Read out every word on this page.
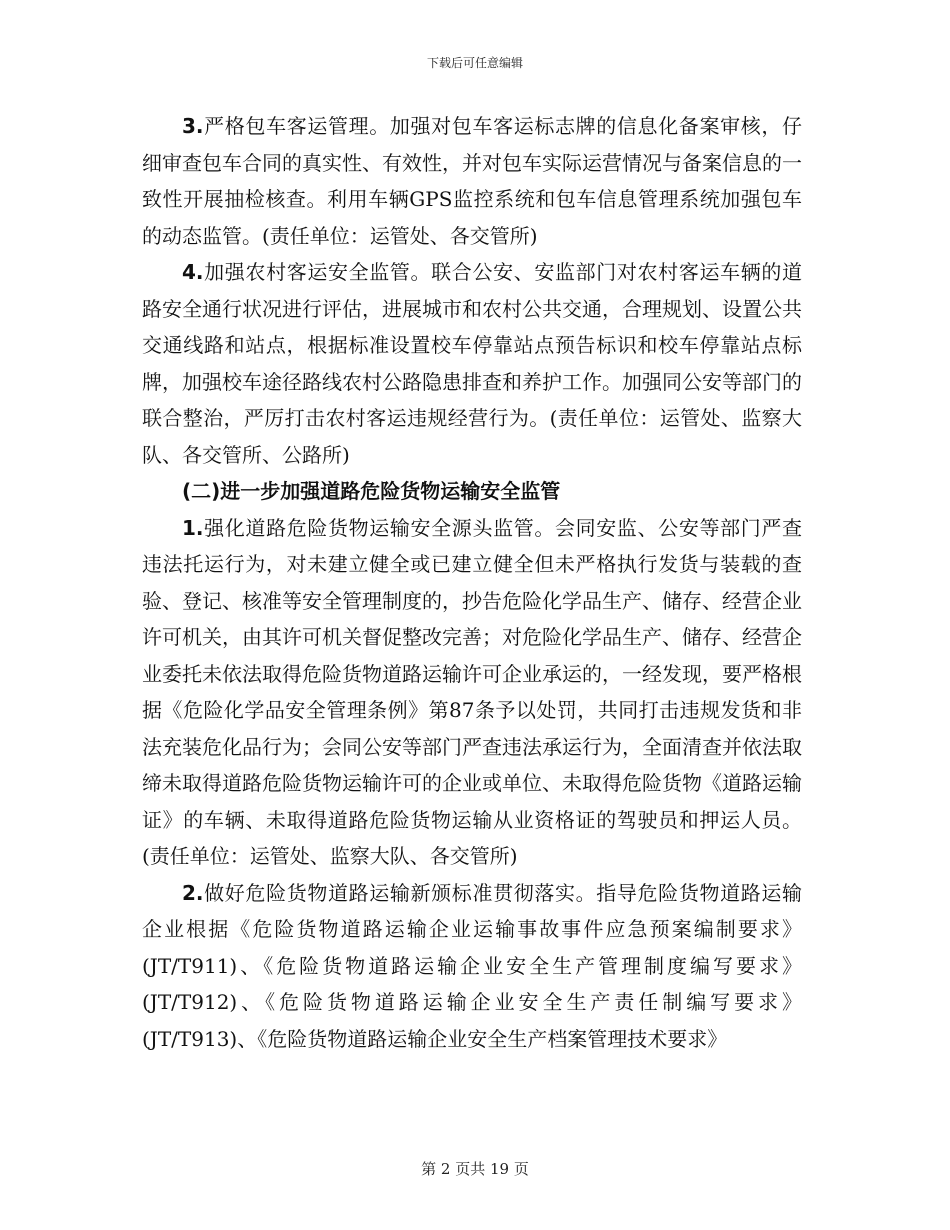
下载后可任意编辑

3.严格包车客运管理。加强对包车客运标志牌的信息化备案审核，仔细审查包车合同的真实性、有效性，并对包车实际运营情况与备案信息的一致性开展抽检核查。利用车辆GPS监控系统和包车信息管理系统加强包车的动态监管。(责任单位：运管处、各交管所)

4.加强农村客运安全监管。联合公安、安监部门对农村客运车辆的道路安全通行状况进行评估，进展城市和农村公共交通，合理规划、设置公共交通线路和站点，根据标准设置校车停靠站点预告标识和校车停靠站点标牌，加强校车途径路线农村公路隐患排查和养护工作。加强同公安等部门的联合整治，严厉打击农村客运违规经营行为。(责任单位：运管处、监察大队、各交管所、公路所)

(二)进一步加强道路危险货物运输安全监管

1.强化道路危险货物运输安全源头监管。会同安监、公安等部门严查违法托运行为，对未建立健全或已建立健全但未严格执行发货与装载的查验、登记、核准等安全管理制度的，抄告危险化学品生产、储存、经营企业许可机关，由其许可机关督促整改完善；对危险化学品生产、储存、经营企业委托未依法取得危险货物道路运输许可企业承运的，一经发现，要严格根据《危险化学品安全管理条例》第87条予以处罚，共同打击违规发货和非法充装危化品行为；会同公安等部门严查违法承运行为，全面清查并依法取缔未取得道路危险货物运输许可的企业或单位、未取得危险货物《道路运输证》的车辆、未取得道路危险货物运输从业资格证的驾驶员和押运人员。(责任单位：运管处、监察大队、各交管所)

2.做好危险货物道路运输新颁标准贯彻落实。指导危险货物道路运输企业根据《危险货物道路运输企业运输事故事件应急预案编制要求》(JT/T911)、《危险货物道路运输企业安全生产管理制度编写要求》(JT/T912)、《危险货物道路运输企业安全生产责任制编写要求》(JT/T913)、《危险货物道路运输企业安全生产档案管理技术要求》

第 2 页共 19 页
